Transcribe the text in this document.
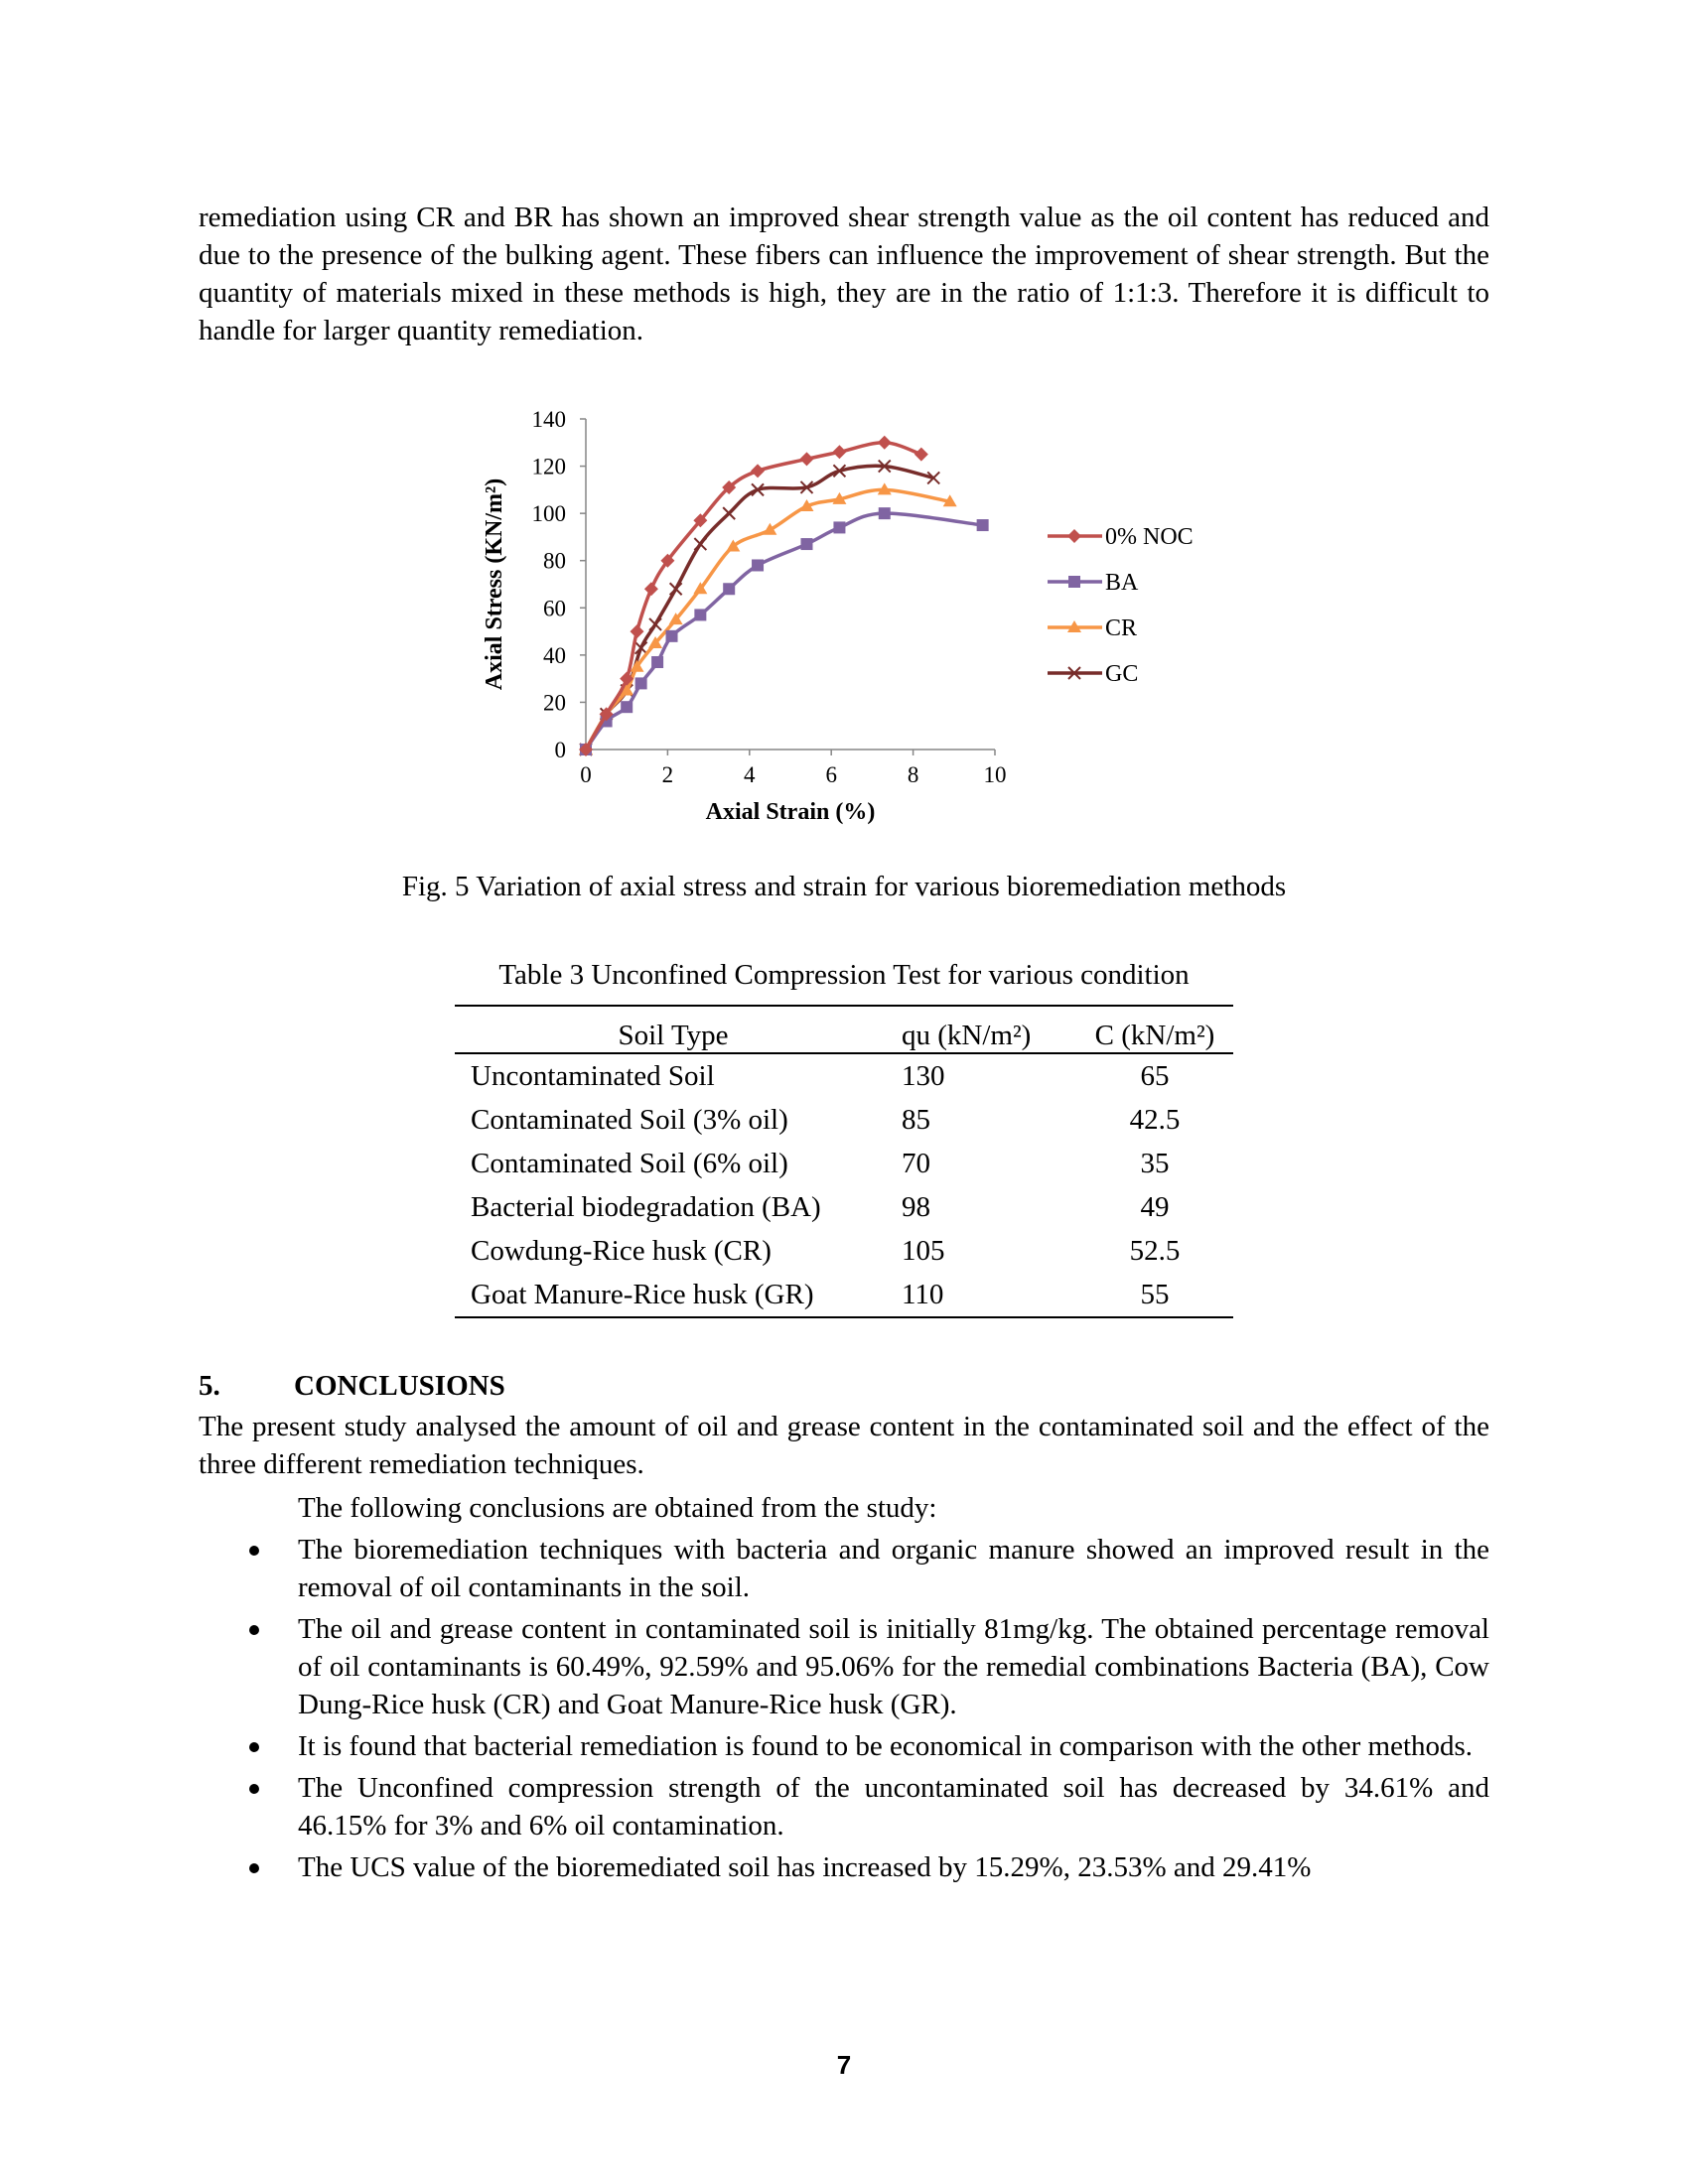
remediation using CR and BR has shown an improved shear strength value as the oil content has reduced and due to the presence of the bulking agent. These fibers can influence the improvement of shear strength. But the quantity of materials mixed in these methods is high, they are in the ratio of 1:1:3. Therefore it is difficult to handle for larger quantity remediation.

0
20
40
60
80
100
120
140
0	2	4	6	8	10
Axial Strain (%)
Axial Stress (KN/m²)	0% NOC
BA
CR
GC

Fig. 5 Variation of axial stress and strain for various bioremediation methods

Table 3 Unconfined Compression Test for various condition

Soil Type	qu (kN/m²)	C (kN/m²)
Uncontaminated Soil	130	65
Contaminated Soil (3% oil)	85	42.5
Contaminated Soil (6% oil)	70	35
Bacterial biodegradation (BA)	98	49
Cowdung-Rice husk (CR)	105	52.5
Goat Manure-Rice husk (GR)	110	55

5.	CONCLUSIONS

The present study analysed the amount of oil and grease content in the contaminated soil and the effect of the three different remediation techniques.

The following conclusions are obtained from the study:

The bioremediation techniques with bacteria and organic manure showed an improved result in the removal of oil contaminants in the soil.
The oil and grease content in contaminated soil is initially 81mg/kg. The obtained percentage removal of oil contaminants is 60.49%, 92.59% and 95.06% for the remedial combinations Bacteria (BA), Cow Dung-Rice husk (CR) and Goat Manure-Rice husk (GR).
It is found that bacterial remediation is found to be economical in comparison with the other methods.
The Unconfined compression strength of the uncontaminated soil has decreased by 34.61% and 46.15% for 3% and 6% oil contamination.
The UCS value of the bioremediated soil has increased by 15.29%, 23.53% and 29.41%

7
